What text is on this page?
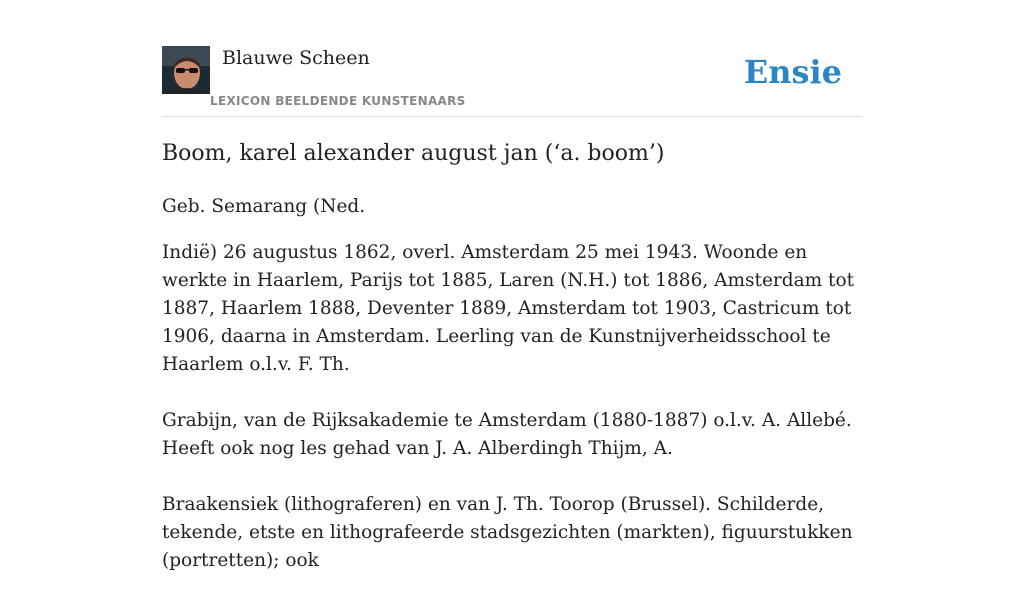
Blauwe Scheen
LEXICON BEELDENDE KUNSTENAARS
Ensie
Boom, karel alexander august jan (‘a. boom’)

Geb. Semarang (Ned.

Indië) 26 augustus 1862, overl. Amsterdam 25 mei 1943. Woonde en werkte in Haarlem, Parijs tot 1885, Laren (N.H.) tot 1886, Amsterdam tot 1887, Haarlem 1888, Deventer 1889, Amsterdam tot 1903, Castricum tot 1906, daarna in Amsterdam. Leerling van de Kunstnijverheidsschool te Haarlem o.l.v. F. Th.

Grabijn, van de Rijksakademie te Amsterdam (1880-1887) o.l.v. A. Allebé. Heeft ook nog les gehad van J. A. Alberdingh Thijm, A.

Braakensiek (lithograferen) en van J. Th. Toorop (Brussel). Schilderde, tekende, etste en lithografeerde stadsgezichten (markten), figuurstukken (portretten); ook
